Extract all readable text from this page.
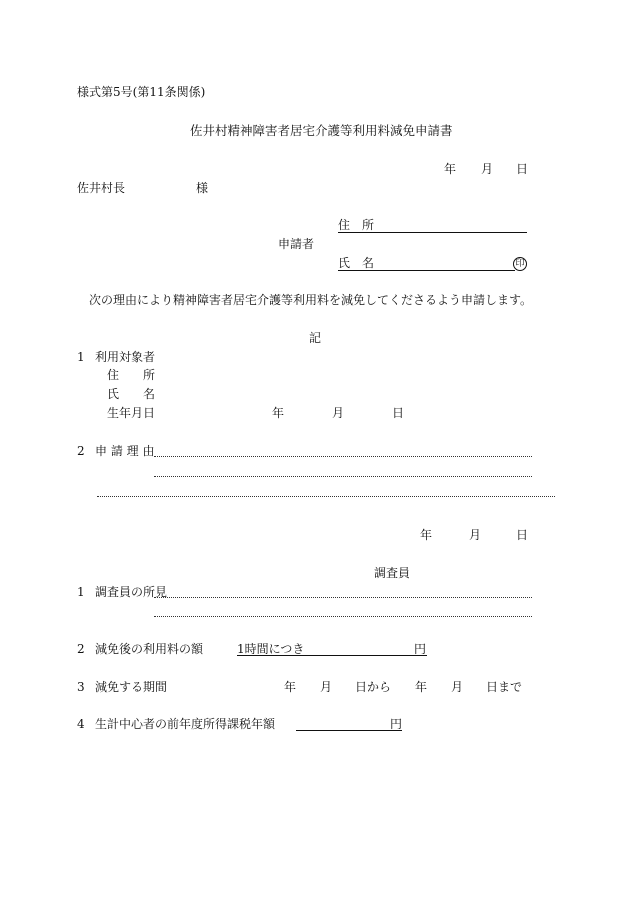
様式第5号(第11条関係)
佐井村精神障害者居宅介護等利用料減免申請書
年 月 日
佐井村長	様
住　所
申請者
氏　名	印
次の理由により精神障害者居宅介護等利用料を減免してくださるよう申請します。
記
1 利用対象者
住　　所
氏　　名
生年月日	年	月	日
2 申 請 理 由
年	月	日
調査員
1 調査員の所見
2 減免後の利用料の額	1時間につき	円
3 減免する期間	年 月 日から 年 月 日まで
4 生計中心者の前年度所得課税年額	円
